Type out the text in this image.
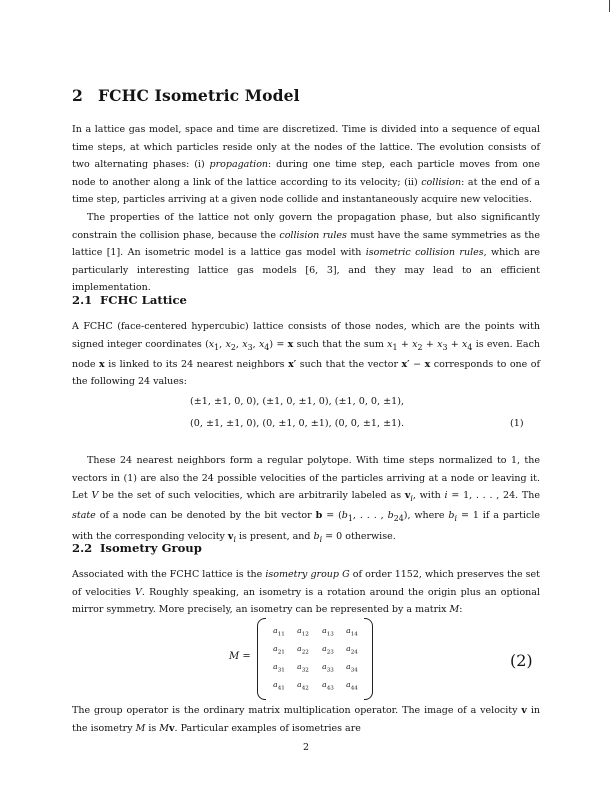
2 FCHC Isometric Model

In a lattice gas model, space and time are discretized. Time is divided into a sequence of equal time steps, at which particles reside only at the nodes of the lattice. The evolution consists of two alternating phases: (i) propagation: during one time step, each particle moves from one node to another along a link of the lattice according to its velocity; (ii) collision: at the end of a time step, particles arriving at a given node collide and instantaneously acquire new velocities.

The properties of the lattice not only govern the propagation phase, but also significantly constrain the collision phase, because the collision rules must have the same symmetries as the lattice [1]. An isometric model is a lattice gas model with isometric collision rules, which are particularly interesting lattice gas models [6, 3], and they may lead to an efficient implementation.

2.1 FCHC Lattice

A FCHC (face-centered hypercubic) lattice consists of those nodes, which are the points with signed integer coordinates ($x_1$, $x_2$, $x_3$, $x_4) = x$ such that the sum $x_1 + x_2 + x_3 + x_4$ is even. Each node x is linked to its 24 nearest neighbors x′ such that the vector x′ − x corresponds to one of the following 24 values:

(±1, ±1, 0, 0), (±1, 0, ±1, 0), (±1, 0, 0, ±1),
(0, ±1, ±1, 0), (0, ±1, 0, ±1), (0, 0, ±1, ±1).	(1)

These 24 nearest neighbors form a regular polytope. With time steps normalized to 1, the vectors in (1) are also the 24 possible velocities of the particles arriving at a node or leaving it. Let V be the set of such velocities, which are arbitrarily labeled as $v_i$, with i = 1, . . . , 24. The state of a node can be denoted by the bit vector $b = (b_1$, . . . , $b_{24}$), where $b_i = 1$ if a particle with the corresponding velocity $v_i$ is present, and $b_i = 0$ otherwise.

2.2 Isometry Group

Associated with the FCHC lattice is the isometry group G of order 1152, which preserves the set of velocities V. Roughly speaking, an isometry is a rotation around the origin plus an optional mirror symmetry. More precisely, an isometry can be represented by a matrix M:

M =
$a_{11}$	$a_{12}$	$a_{13}$	$a_{14}$
$a_{21}$	$a_{22}$	$a_{23}$	$a_{24}$
$a_{31}$	$a_{32}$	$a_{33}$	$a_{34}$
$a_{41}$	$a_{42}$	$a_{43}$	$a_{44}$
(2)

The group operator is the ordinary matrix multiplication operator. The image of a velocity v in the isometry M is Mv. Particular examples of isometries are

2
